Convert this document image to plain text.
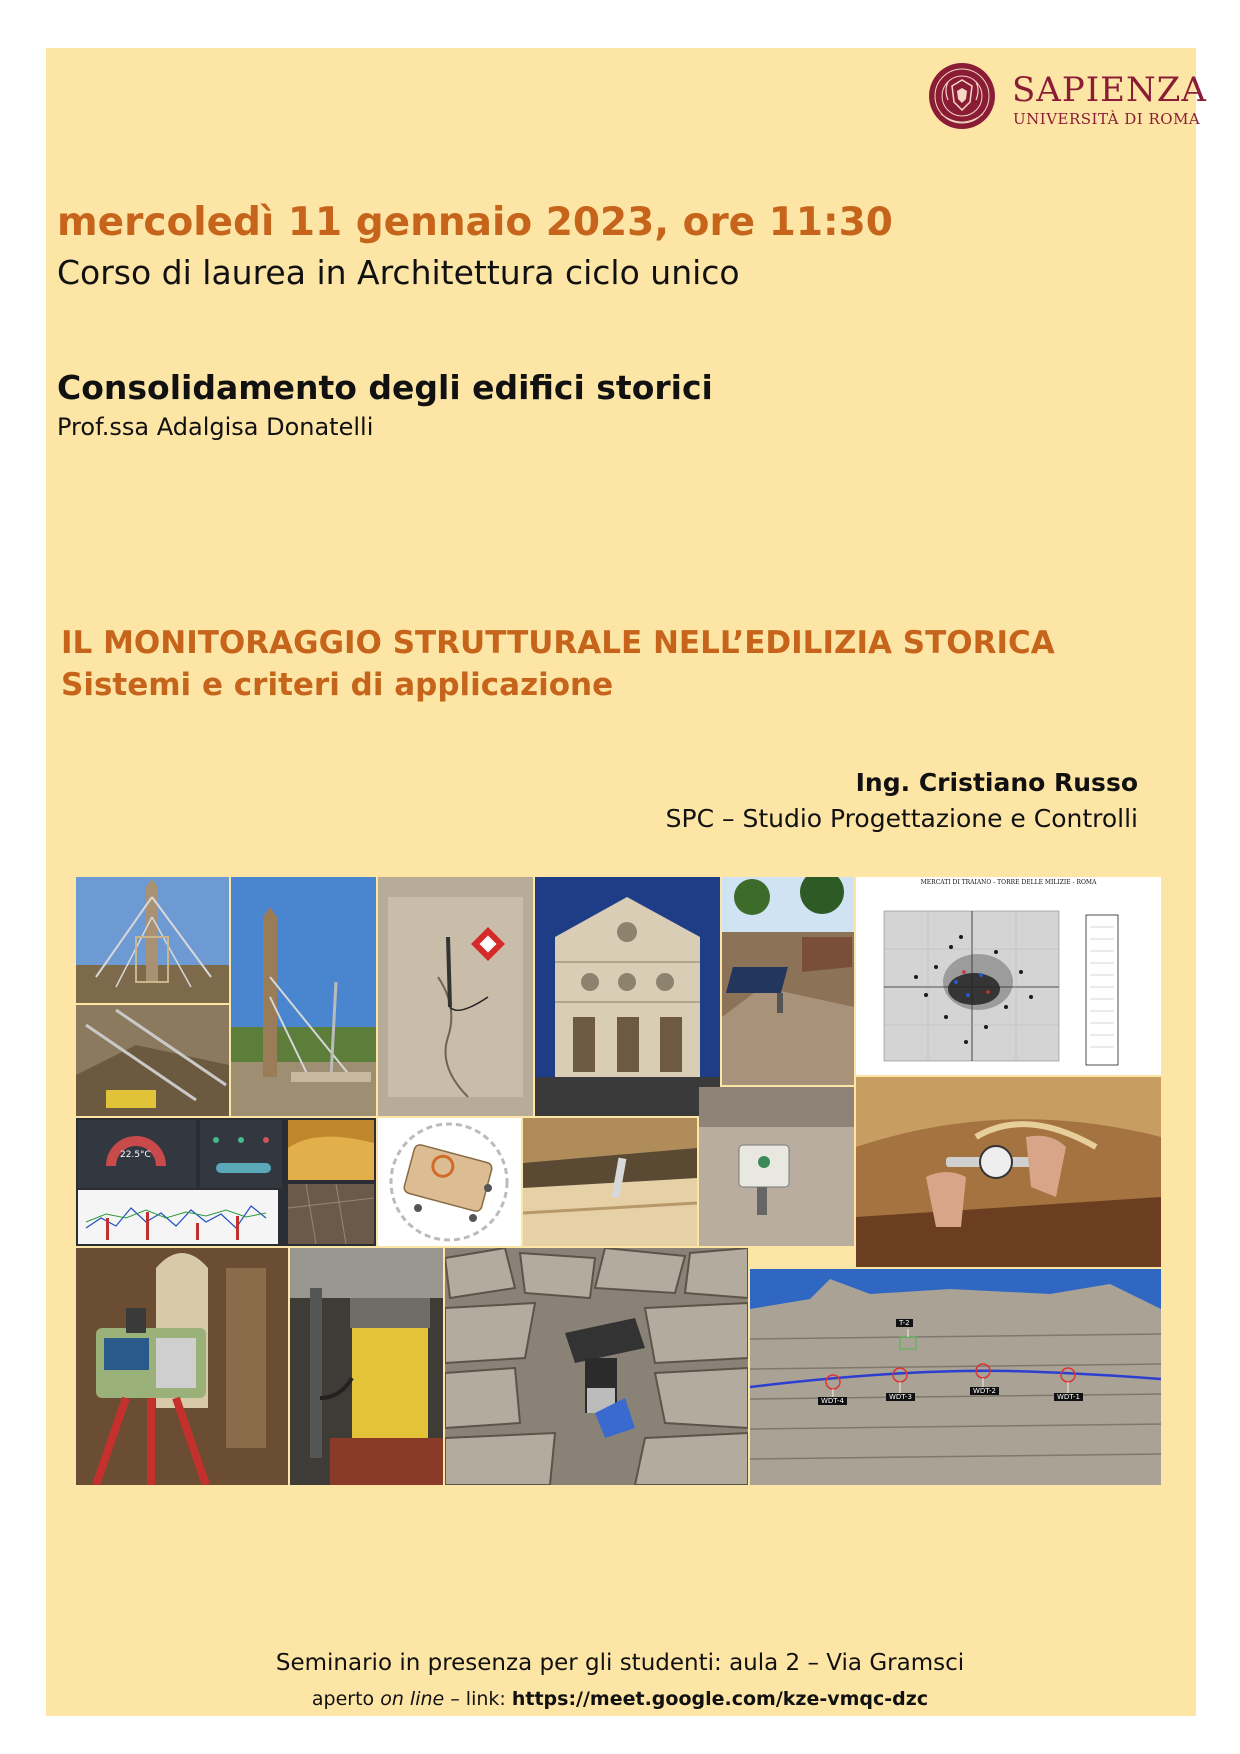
SAPIENZA
UNIVERSITÀ DI ROMA
mercoledì 11 gennaio 2023, ore 11:30
Corso di laurea in Architettura ciclo unico
Consolidamento degli edifici storici
Prof.ssa Adalgisa Donatelli
IL MONITORAGGIO STRUTTURALE NELL’EDILIZIA STORICA
Sistemi e criteri di applicazione
Ing. Cristiano Russo
SPC – Studio Progettazione e Controlli
MERCATI DI TRAIANO - TORRE DELLE MILIZIE - ROMA
22.5°C
T-2
WDT-4	WDT-3
WDT-2
WDT-1
Seminario in presenza per gli studenti: aula 2 – Via Gramsci
aperto on line – link: https://meet.google.com/kze-vmqc-dzc
